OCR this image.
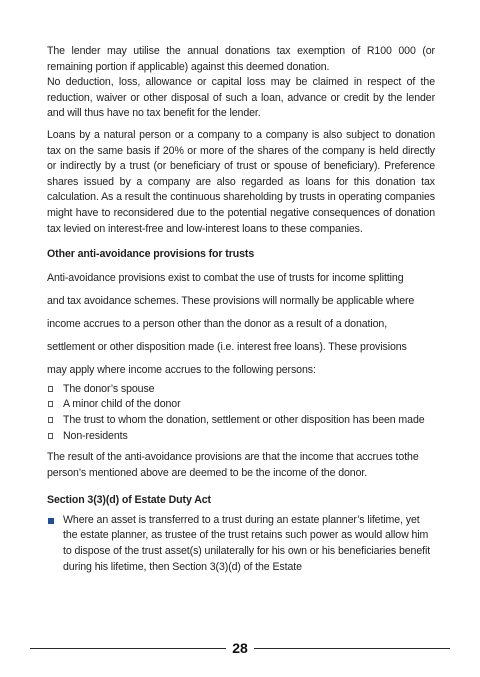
The lender may utilise the annual donations tax exemption of R100 000 (or remaining portion if applicable) against this deemed donation.
No deduction, loss, allowance or capital loss may be claimed in respect of the reduction, waiver or other disposal of such a loan, advance or credit by the lender and will thus have no tax benefit for the lender.

Loans by a natural person or a company to a company is also subject to donation tax on the same basis if 20% or more of the shares of the company is held directly or indirectly by a trust (or beneficiary of trust or spouse of beneficiary). Preference shares issued by a company are also regarded as loans for this donation tax calculation. As a result the continuous shareholding by trusts in operating companies might have to reconsidered due to the potential negative consequences of donation tax levied on interest-free and low-interest loans to these companies.

Other anti-avoidance provisions for trusts

Anti-avoidance provisions exist to combat the use of trusts for income splitting

and tax avoidance schemes. These provisions will normally be applicable where

income accrues to a person other than the donor as a result of a donation,

settlement or other disposition made (i.e. interest free loans). These provisions

may apply where income accrues to the following persons:

The donor’s spouse
A minor child of the donor
The trust to whom the donation, settlement or other disposition has been made
Non-residents

The result of the anti-avoidance provisions are that the income that accrues tothe person’s mentioned above are deemed to be the income of the donor.

Section 3(3)(d) of Estate Duty Act

Where an asset is transferred to a trust during an estate planner’s lifetime, yet the estate planner, as trustee of the trust retains such power as would allow him to dispose of the trust asset(s) unilaterally for his own or his beneficiaries benefit during his lifetime, then Section 3(3)(d) of the Estate
28
